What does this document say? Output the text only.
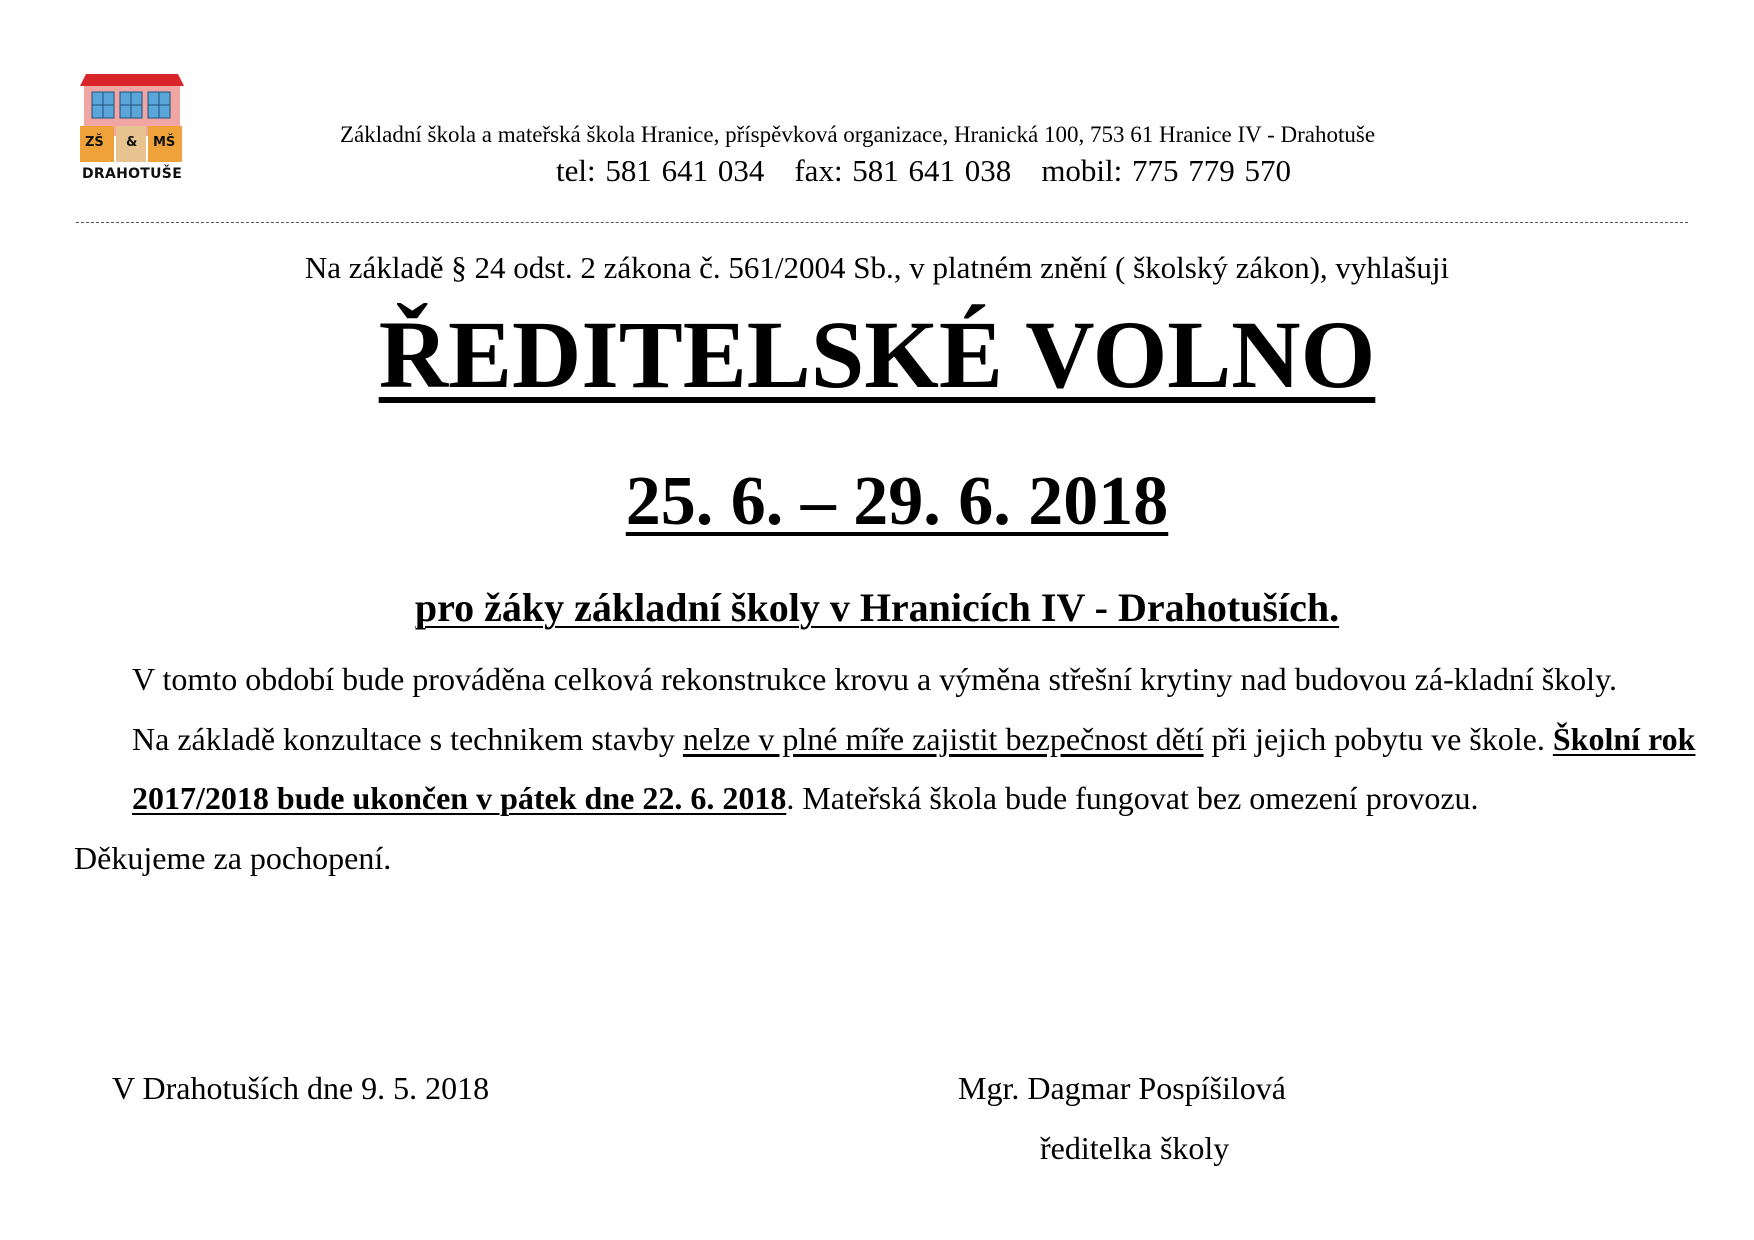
ZŠ & MŠ
DRAHOTUŠE
Základní škola a mateřská škola Hranice, příspěvková organizace, Hranická 100, 753 61 Hranice IV - Drahotuše
tel: 581 641 034 fax: 581 641 038 mobil: 775 779 570
Na základě § 24 odst. 2 zákona č. 561/2004 Sb., v platném znění ( školský zákon), vyhlašuji
ŘEDITELSKÉ VOLNO
25. 6. – 29. 6. 2018
pro žáky základní školy v Hranicích IV - Drahotuších.

V tomto období bude prováděna celková rekonstrukce krovu a výměna střešní krytiny nad budovou zá-kladní školy.

Na základě konzultace s technikem stavby nelze v plné míře zajistit bezpečnost dětí při jejich pobytu ve škole. Školní rok 2017/2018 bude ukončen v pátek dne 22. 6. 2018. Mateřská škola bude fungovat bez omezení provozu.

Děkujeme za pochopení.

V Drahotuších dne 9. 5. 2018	Mgr. Dagmar Pospíšilová
ředitelka školy
